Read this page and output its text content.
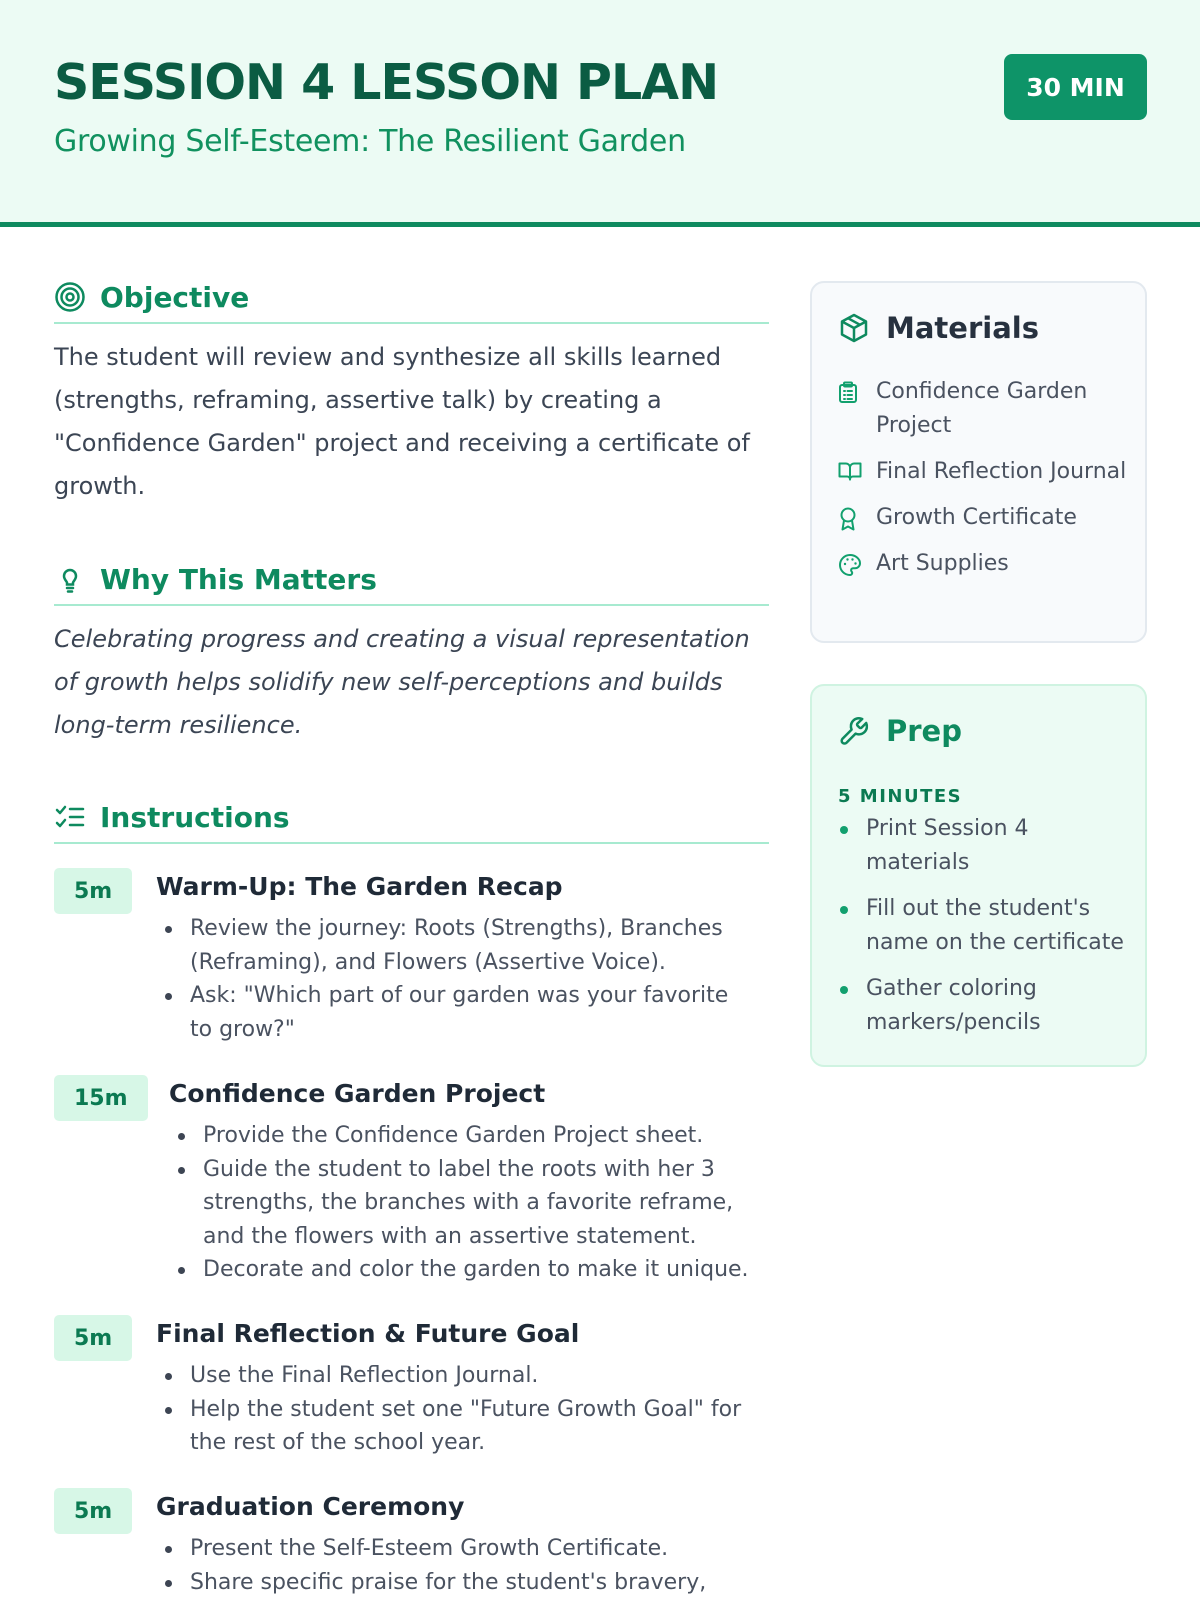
SESSION 4 LESSON PLAN
Growing Self-Esteem: The Resilient Garden
30 MIN
Objective

The student will review and synthesize all skills learned (strengths, reframing, assertive talk) by creating a "Confidence Garden" project and receiving a certificate of growth.

Why This Matters

Celebrating progress and creating a visual representation of growth helps solidify new self-perceptions and builds long-term resilience.

Instructions
5m	Warm-Up: The Garden Recap
Review the journey: Roots (Strengths), Branches (Reframing), and Flowers (Assertive Voice).
Ask: "Which part of our garden was your favorite to grow?"
15m	Confidence Garden Project
Provide the Confidence Garden Project sheet.
Guide the student to label the roots with her 3 strengths, the branches with a favorite reframe, and the flowers with an assertive statement.
Decorate and color the garden to make it unique.
5m	Final Reflection & Future Goal
Use the Final Reflection Journal.
Help the student set one "Future Growth Goal" for the rest of the school year.
5m	Graduation Ceremony
Present the Self-Esteem Growth Certificate.
Share specific praise for the student's bravery,
Materials
Confidence Garden Project
Final Reflection Journal
Growth Certificate
Art Supplies
Prep
5 MINUTES
Print Session 4 materials
Fill out the student's name on the certificate
Gather coloring markers/pencils
